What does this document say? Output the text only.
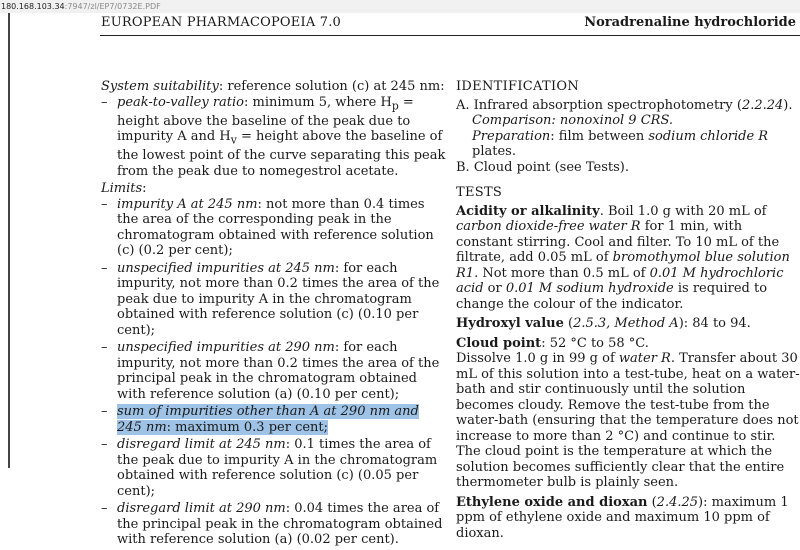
180.168.103.34:7947/zl/EP7/0732E.PDF
EUROPEAN PHARMACOPOEIA 7.0	Noradrenaline hydrochloride

System suitability: reference solution (c) at 245 nm:

– peak-to-valley ratio: minimum 5, where $H_p$ = height above the baseline of the peak due to impurity A and $H_v$ = height above the baseline of the lowest point of the curve separating this peak from the peak due to nomegestrol acetate.

Limits:

– impurity A at 245 nm: not more than 0.4 times the area of the corresponding peak in the chromatogram obtained with reference solution (c) (0.2 per cent);
– unspecified impurities at 245 nm: for each impurity, not more than 0.2 times the area of the peak due to impurity A in the chromatogram obtained with reference solution (c) (0.10 per cent);
– unspecified impurities at 290 nm: for each impurity, not more than 0.2 times the area of the principal peak in the chromatogram obtained with reference solution (a) (0.10 per cent);
– sum of impurities other than A at 290 nm and 245 nm: maximum 0.3 per cent;
– disregard limit at 245 nm: 0.1 times the area of the peak due to impurity A in the chromatogram obtained with reference solution (c) (0.05 per cent);
– disregard limit at 290 nm: 0.04 times the area of the principal peak in the chromatogram obtained with reference solution (a) (0.02 per cent).
IDENTIFICATION

A. Infrared absorption spectrophotometry (2.2.24).

Comparison: nonoxinol 9 CRS.

Preparation: film between sodium chloride R plates.

B. Cloud point (see Tests).

TESTS

Acidity or alkalinity. Boil 1.0 g with 20 mL of carbon dioxide-free water R for 1 min, with constant stirring. Cool and filter. To 10 mL of the filtrate, add 0.05 mL of bromothymol blue solution R1. Not more than 0.5 mL of 0.01 M hydrochloric acid or 0.01 M sodium hydroxide is required to change the colour of the indicator.

Hydroxyl value (2.5.3, Method A): 84 to 94.

Cloud point: 52 °C to 58 °C.

Dissolve 1.0 g in 99 g of water R. Transfer about 30 mL of this solution into a test-tube, heat on a water-bath and stir continuously until the solution becomes cloudy. Remove the test-tube from the water-bath (ensuring that the temperature does not increase to more than 2 °C) and continue to stir. The cloud point is the temperature at which the solution becomes sufficiently clear that the entire thermometer bulb is plainly seen.

Ethylene oxide and dioxan (2.4.25): maximum 1 ppm of ethylene oxide and maximum 10 ppm of dioxan.
